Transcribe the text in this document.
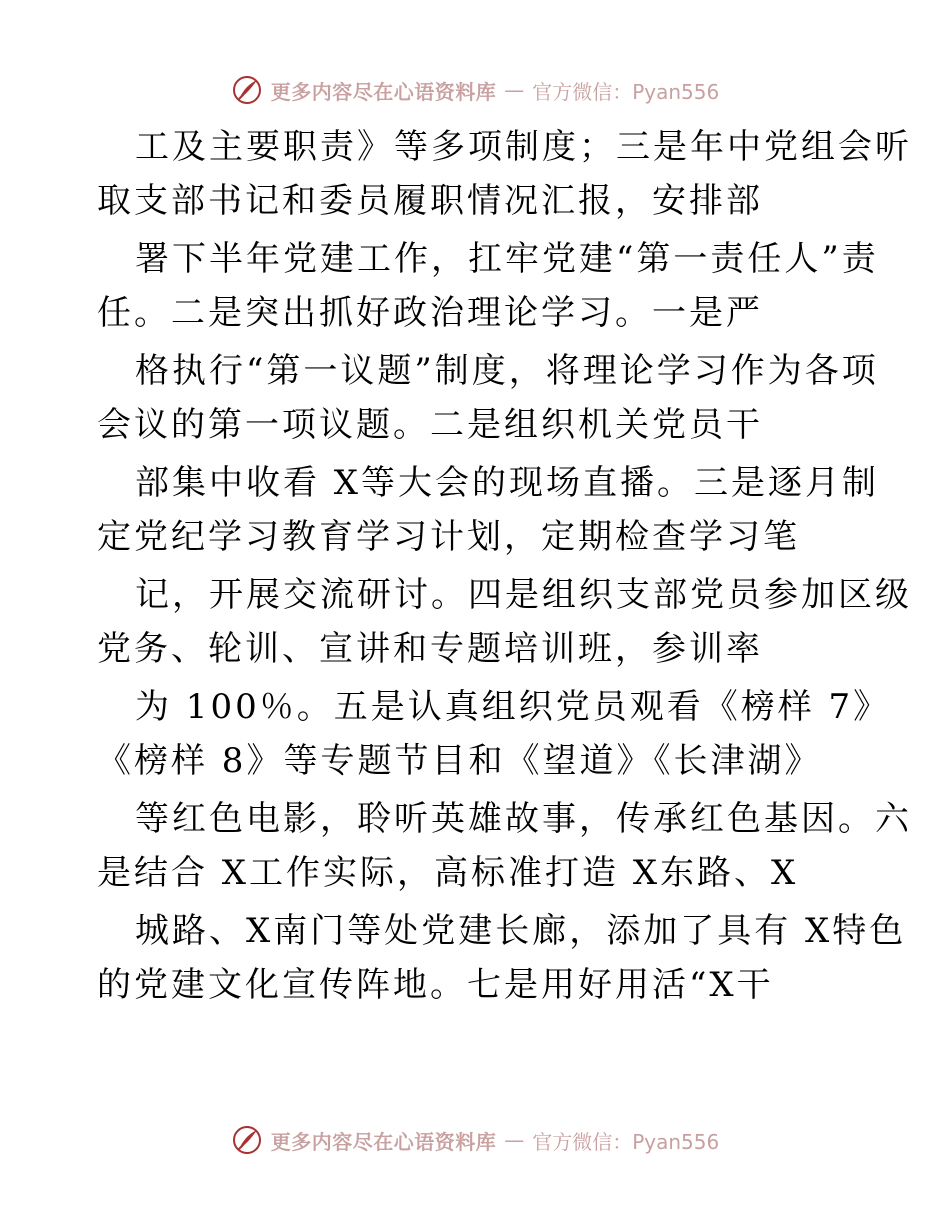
更多内容尽在心语资料库 — 官方微信：Pyan556

工及主要职责》等多项制度；三是年中党组会听

取支部书记和委员履职情况汇报，安排部

署下半年党建工作，扛牢党建“第一责任人”责

任。二是突出抓好政治理论学习。一是严

格执行“第一议题”制度，将理论学习作为各项

会议的第一项议题。二是组织机关党员干

部集中收看 X等大会的现场直播。三是逐月制

定党纪学习教育学习计划，定期检查学习笔

记，开展交流研讨。四是组织支部党员参加区级

党务、轮训、宣讲和专题培训班，参训率

为 100％。五是认真组织党员观看《榜样 7》

《榜样 8》等专题节目和《望道》《长津湖》

等红色电影，聆听英雄故事，传承红色基因。六

是结合 X工作实际，高标准打造 X东路、X

城路、X南门等处党建长廊，添加了具有 X特色

的党建文化宣传阵地。七是用好用活“X干

更多内容尽在心语资料库 — 官方微信：Pyan556
